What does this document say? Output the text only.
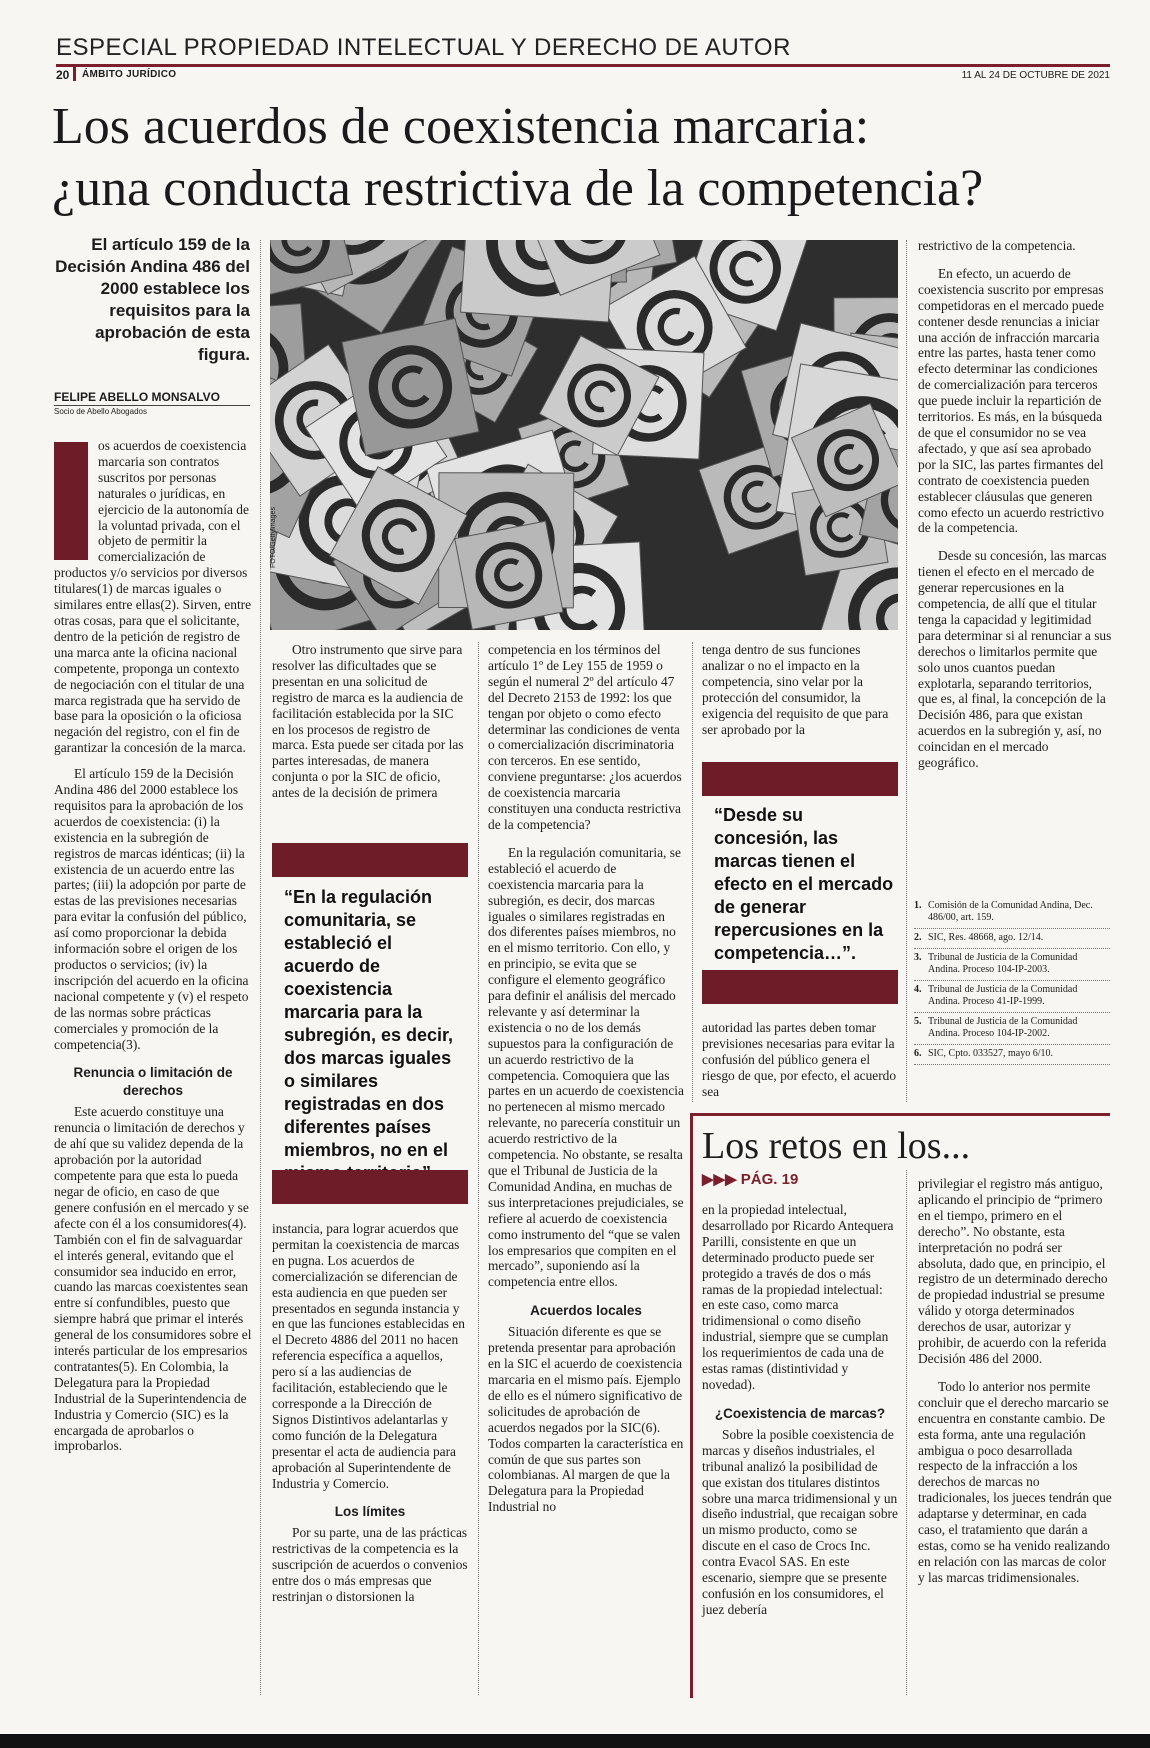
ESPECIAL PROPIEDAD INTELECTUAL Y DERECHO DE AUTOR
20 ÁMBITO JURÍDICO	11 AL 24 DE OCTUBRE DE 2021
Los acuerdos de coexistencia marcaria:
¿una conducta restrictiva de la competencia?
El artículo 159 de la Decisión Andina 486 del 2000 establece los requisitos para la aprobación de esta figura.
FELIPE ABELLO MONSALVO
Socio de Abello Abogados

os acuerdos de coexistencia marcaria son contratos suscritos por personas naturales o jurídicas, en ejercicio de la autonomía de la voluntad privada, con el objeto de permitir la comercialización de productos y/o servicios por diversos titulares(1) de marcas iguales o similares entre ellas(2). Sirven, entre otras cosas, para que el solicitante, dentro de la petición de registro de una marca ante la oficina nacional competente, proponga un contexto de negociación con el titular de una marca registrada que ha servido de base para la oposición o la oficiosa negación del registro, con el fin de garantizar la concesión de la marca.

El artículo 159 de la Decisión Andina 486 del 2000 establece los requisitos para la aprobación de los acuerdos de coexistencia: (i) la existencia en la subregión de registros de marcas idénticas; (ii) la existencia de un acuerdo entre las partes; (iii) la adopción por parte de estas de las previsiones necesarias para evitar la confusión del público, así como proporcionar la debida información sobre el origen de los productos o servicios; (iv) la inscripción del acuerdo en la oficina nacional competente y (v) el respeto de las normas sobre prácticas comerciales y promoción de la competencia(3).

Renuncia o limitación de derechos

Este acuerdo constituye una renuncia o limitación de derechos y de ahí que su validez dependa de la aprobación por la autoridad competente para que esta lo pueda negar de oficio, en caso de que genere confusión en el mercado y se afecte con él a los consumidores(4). También con el fin de salvaguardar el interés general, evitando que el consumidor sea inducido en error, cuando las marcas coexistentes sean entre sí confundibles, puesto que siempre habrá que primar el interés general de los consumidores sobre el interés particular de los empresarios contratantes(5). En Colombia, la Delegatura para la Propiedad Industrial de la Superintendencia de Industria y Comercio (SIC) es la encargada de aprobarlos o improbarlos.

FOTO/GettyImages

Otro instrumento que sirve para resolver las dificultades que se presentan en una solicitud de registro de marca es la audiencia de facilitación establecida por la SIC en los procesos de registro de marca. Esta puede ser citada por las partes interesadas, de manera conjunta o por la SIC de oficio, antes de la decisión de primera

“En la regulación comunitaria, se estableció el acuerdo de coexistencia marcaria para la subregión, es decir, dos marcas iguales o similares registradas en dos diferentes países miembros, no en el

instancia, para lograr acuerdos que permitan la coexistencia de marcas en pugna. Los acuerdos de comercialización se diferencian de esta audiencia en que pueden ser presentados en segunda instancia y en que las funciones establecidas en el Decreto 4886 del 2011 no hacen referencia específica a aquellos, pero sí a las audiencias de facilitación, estableciendo que le corresponde a la Dirección de Signos Distintivos adelantarlas y como función de la Delegatura presentar el acta de audiencia para aprobación al Superintendente de Industria y Comercio.

Los límites

Por su parte, una de las prácticas restrictivas de la competencia es la suscripción de acuerdos o convenios entre dos o más empresas que restrinjan o distorsionen la

competencia en los términos del artículo 1º de Ley 155 de 1959 o según el numeral 2º del artículo 47 del Decreto 2153 de 1992: los que tengan por objeto o como efecto determinar las condiciones de venta o comercialización discriminatoria con terceros. En ese sentido, conviene preguntarse: ¿los acuerdos de coexistencia marcaria constituyen una conducta restrictiva de la competencia?

En la regulación comunitaria, se estableció el acuerdo de coexistencia marcaria para la subregión, es decir, dos marcas iguales o similares registradas en dos diferentes países miembros, no en el mismo territorio. Con ello, y en principio, se evita que se configure el elemento geográfico para definir el análisis del mercado relevante y así determinar la existencia o no de los demás supuestos para la configuración de un acuerdo restrictivo de la competencia. Comoquiera que las partes en un acuerdo de coexistencia no pertenecen al mismo mercado relevante, no parecería constituir un acuerdo restrictivo de la competencia. No obstante, se resalta que el Tribunal de Justicia de la Comunidad Andina, en muchas de sus interpretaciones prejudiciales, se refiere al acuerdo de coexistencia como instrumento del “que se valen los empresarios que compiten en el mercado”, suponiendo así la competencia entre ellos.

Acuerdos locales

Situación diferente es que se pretenda presentar para aprobación en la SIC el acuerdo de coexistencia marcaria en el mismo país. Ejemplo de ello es el número significativo de solicitudes de aprobación de acuerdos negados por la SIC(6). Todos comparten la característica en común de que sus partes son colombianas. Al margen de que la Delegatura para la Propiedad Industrial no

tenga dentro de sus funciones analizar o no el impacto en la competencia, sino velar por la protección del consumidor, la exigencia del requisito de que para ser aprobado por la

“Desde su concesión, las marcas tienen el efecto en el mercado de generar repercusiones en la competencia…”.

autoridad las partes deben tomar previsiones necesarias para evitar la confusión del público genera el riesgo de que, por efecto, el acuerdo sea

restrictivo de la competencia.

En efecto, un acuerdo de coexistencia suscrito por empresas competidoras en el mercado puede contener desde renuncias a iniciar una acción de infracción marcaria entre las partes, hasta tener como efecto determinar las condiciones de comercialización para terceros que puede incluir la repartición de territorios. Es más, en la búsqueda de que el consumidor no se vea afectado, y que así sea aprobado por la SIC, las partes firmantes del contrato de coexistencia pueden establecer cláusulas que generen como efecto un acuerdo restrictivo de la competencia.

Desde su concesión, las marcas tienen el efecto en el mercado de generar repercusiones en la competencia, de allí que el titular tenga la capacidad y legitimidad para determinar si al renunciar a sus derechos o limitarlos permite que solo unos cuantos puedan explotarla, separando territorios, que es, al final, la concepción de la Decisión 486, para que existan acuerdos en la subregión y, así, no coincidan en el mercado geográfico.

1. Comisión de la Comunidad Andina, Dec. 486/00, art. 159.
2. SIC, Res. 48668, ago. 12/14.
3. Tribunal de Justicia de la Comunidad Andina. Proceso 104-IP-2003.
4. Tribunal de Justicia de la Comunidad Andina. Proceso 41-IP-1999.
5. Tribunal de Justicia de la Comunidad Andina. Proceso 104-IP-2002.
6. SIC, Cpto. 033527, mayo 6/10.
Los retos en los...
▶▶▶ PÁG. 19

en la propiedad intelectual, desarrollado por Ricardo Antequera Parilli, consistente en que un determinado producto puede ser protegido a través de dos o más ramas de la propiedad intelectual: en este caso, como marca tridimensional o como diseño industrial, siempre que se cumplan los requerimientos de cada una de estas ramas (distintividad y novedad).

¿Coexistencia de marcas?

Sobre la posible coexistencia de marcas y diseños industriales, el tribunal analizó la posibilidad de que existan dos titulares distintos sobre una marca tridimensional y un diseño industrial, que recaigan sobre un mismo producto, como se discute en el caso de Crocs Inc. contra Evacol SAS. En este escenario, siempre que se presente confusión en los consumidores, el juez debería

privilegiar el registro más antiguo, aplicando el principio de “primero en el tiempo, primero en el derecho”. No obstante, esta interpretación no podrá ser absoluta, dado que, en principio, el registro de un determinado derecho de propiedad industrial se presume válido y otorga determinados derechos de usar, autorizar y prohibir, de acuerdo con la referida Decisión 486 del 2000.

Todo lo anterior nos permite concluir que el derecho marcario se encuentra en constante cambio. De esta forma, ante una regulación ambigua o poco desarrollada respecto de la infracción a los derechos de marcas no tradicionales, los jueces tendrán que adaptarse y determinar, en cada caso, el tratamiento que darán a estas, como se ha venido realizando en relación con las marcas de color y las marcas tridimensionales.
